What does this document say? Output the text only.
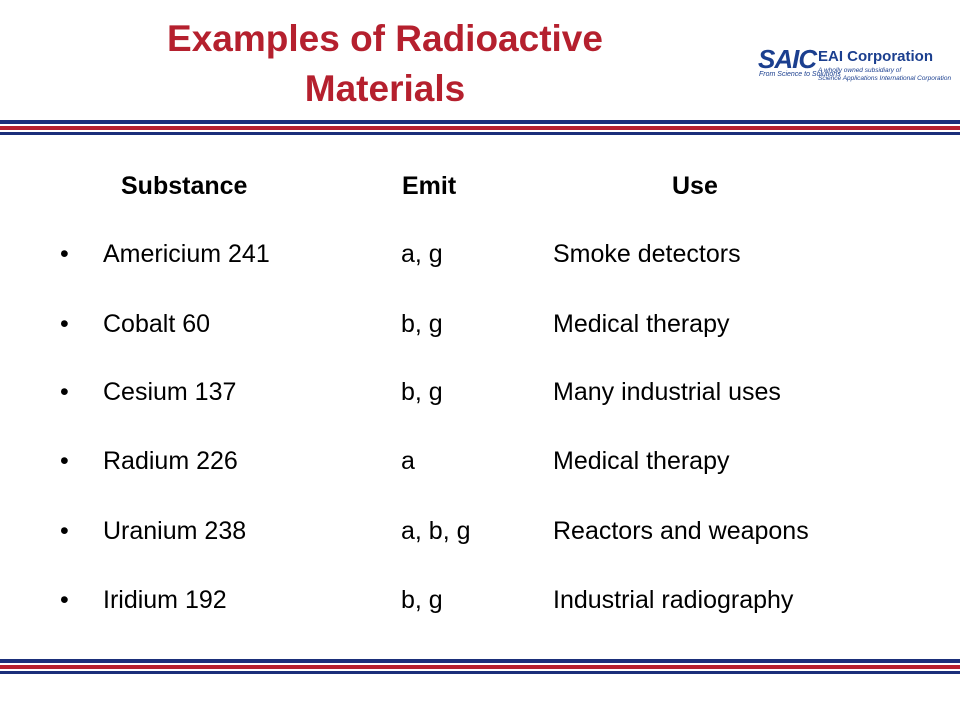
Examples of Radioactive Materials
SAIC
From Science to Solutions
EAI Corporation
A wholly owned subsidiary of
Science Applications International Corporation
Substance	Emit	Use
• Americium 241	a, g	Smoke detectors
• Cobalt 60	b, g	Medical therapy
• Cesium 137	b, g	Many industrial uses
• Radium 226	a	Medical therapy
• Uranium 238	a, b, g	Reactors and weapons
• Iridium 192	b, g	Industrial radiography
